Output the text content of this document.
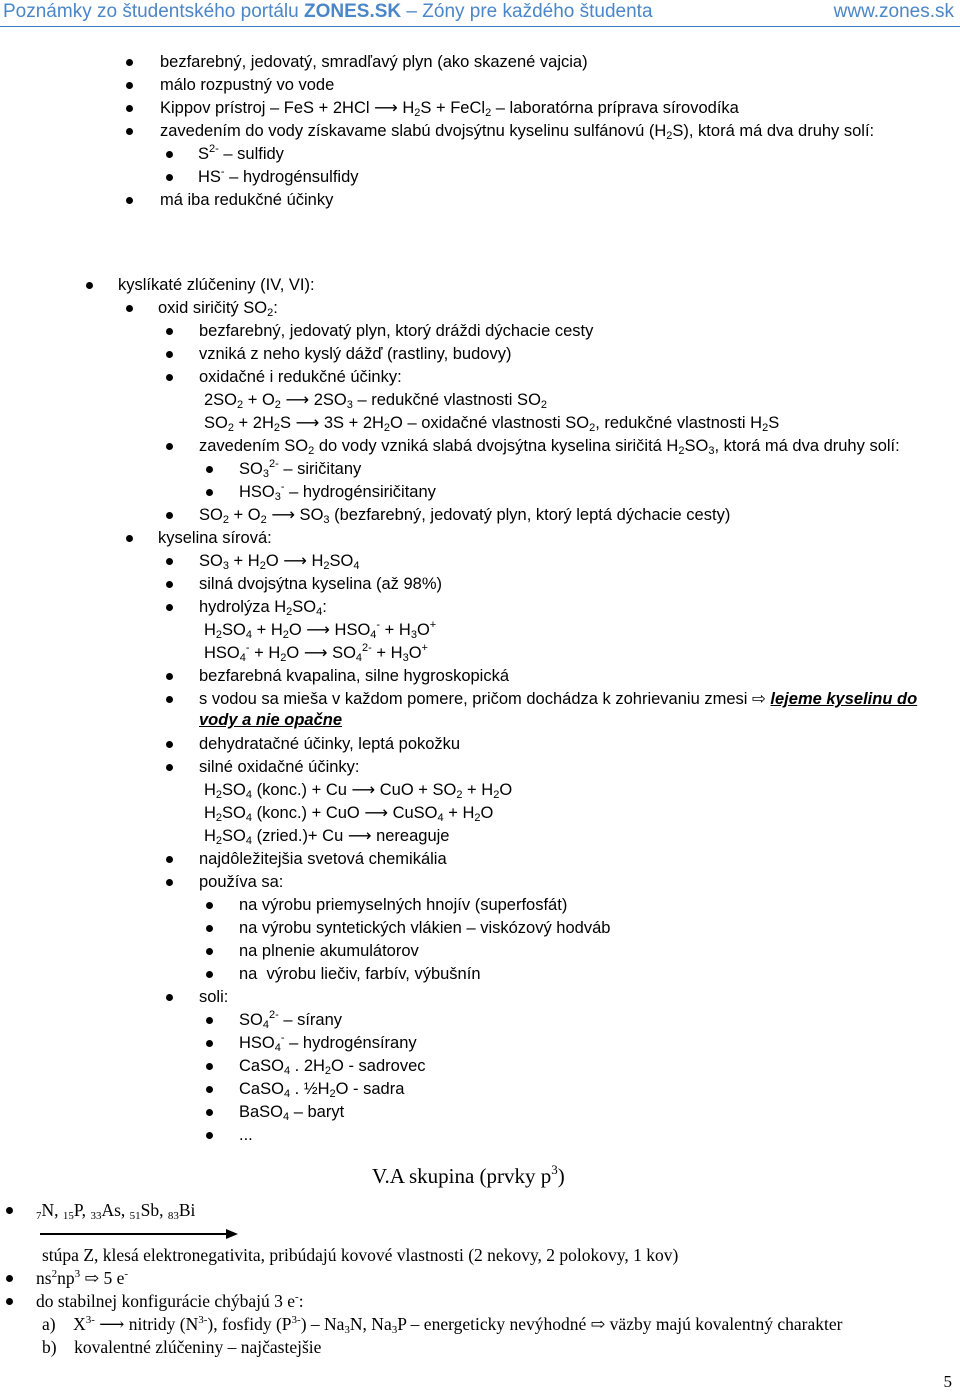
Poznámky zo študentského portálu ZONES.SK – Zóny pre každého študenta	www.zones.sk
bezfarebný, jedovatý, smradľavý plyn (ako skazené vajcia)
málo rozpustný vo vode
Kippov prístroj – FeS + 2HCl ⟶ $H_2S$ + FeCl$_2$ – laboratórna príprava sírovodíka
zavedením do vody získavame slabú dvojsýtnu kyselinu sulfánovú $(H_2S)$, ktorá má dva druhy solí:
$S^{2-}$ – sulfidy
HS- – hydrogénsulfidy
má iba redukčné účinky
kyslíkaté zlúčeniny (IV, VI):
oxid siričitý $SO_2$:
bezfarebný, jedovatý plyn, ktorý dráždi dýchacie cesty
vzniká z neho kyslý dážď (rastliny, budovy)
oxidačné i redukčné účinky:
$2SO_2 + O_2$ ⟶ $2SO_3$ – redukčné vlastnosti $SO_2$
$SO_2 + 2H_2S$ ⟶ $3S + 2H_2O$ – oxidačné vlastnosti $SO_2$, redukčné vlastnosti $H_2S$
zavedením $SO_2$ do vody vzniká slabá dvojsýtna kyselina siričitá $H_2SO_3$, ktorá má dva druhy solí:
$SO_3^{2-}$ – siričitany
$HSO_3^-$ – hydrogénsiričitany
$SO_2 + O_2$ ⟶ $SO_3$ (bezfarebný, jedovatý plyn, ktorý leptá dýchacie cesty)
kyselina sírová:
$SO_3 + H_2O$ ⟶ $H_2SO_4$
silná dvojsýtna kyselina (až 98%)
hydrolýza $H_2SO_4$:
$H_2SO_4 + H_2O$ ⟶ $HSO_4^- + H_3O^+$
$HSO_4^- + H_2O$ ⟶ $SO_4^{2-} + H_3O^+$
bezfarebná kvapalina, silne hygroskopická
s vodou sa mieša v každom pomere, pričom dochádza k zohrievaniu zmesi ⇨ lejeme kyselinu do
vody a nie opačne
dehydratačné účinky, leptá pokožku
silné oxidačné účinky:
$H_2SO_4$ (konc.) + Cu ⟶ CuO + $SO_2 + H_2O$
$H_2SO_4$ (konc.) + CuO ⟶ CuSO$_4$ + $H_2O$
$H_2SO_4$ (zried.)+ Cu ⟶ nereaguje
najdôležitejšia svetová chemikália
používa sa:
na výrobu priemyselných hnojív (superfosfát)
na výrobu syntetických vlákien – viskózový hodváb
na plnenie akumulátorov
na  výrobu liečiv, farbív, výbušnín
soli:
$SO_4^{2-}$ – sírany
$HSO_4^-$ – hydrogénsírany
CaSO$_4$ . $2H_2O$ - sadrovec
CaSO$_4$ . $\frac{1}{2}H_2O$ - sadra
BaSO$_4$ – baryt
...
$_7$N, $_{15}$P, $_{33}$As, $_{51}$Sb, $_{83}$Bi
stúpa Z, klesá elektronegativita, pribúdajú kovové vlastnosti (2 nekovy, 2 polokovy, 1 kov)
$ns^2np^3$ ⇨ 5 e-
do stabilnej konfigurácie chýbajú 3 e-:
a)    $X^{3-}$ ⟶ nitridy $(N^{3-})$, fosfidy $(P^{3-}) - Na_3N$, $Na_3P$ – energeticky nevýhodné ⇨ väzby majú kovalentný charakter
b)    kovalentné zlúčeniny – najčastejšie
V.A skupina (prvky $p^3$)
5
